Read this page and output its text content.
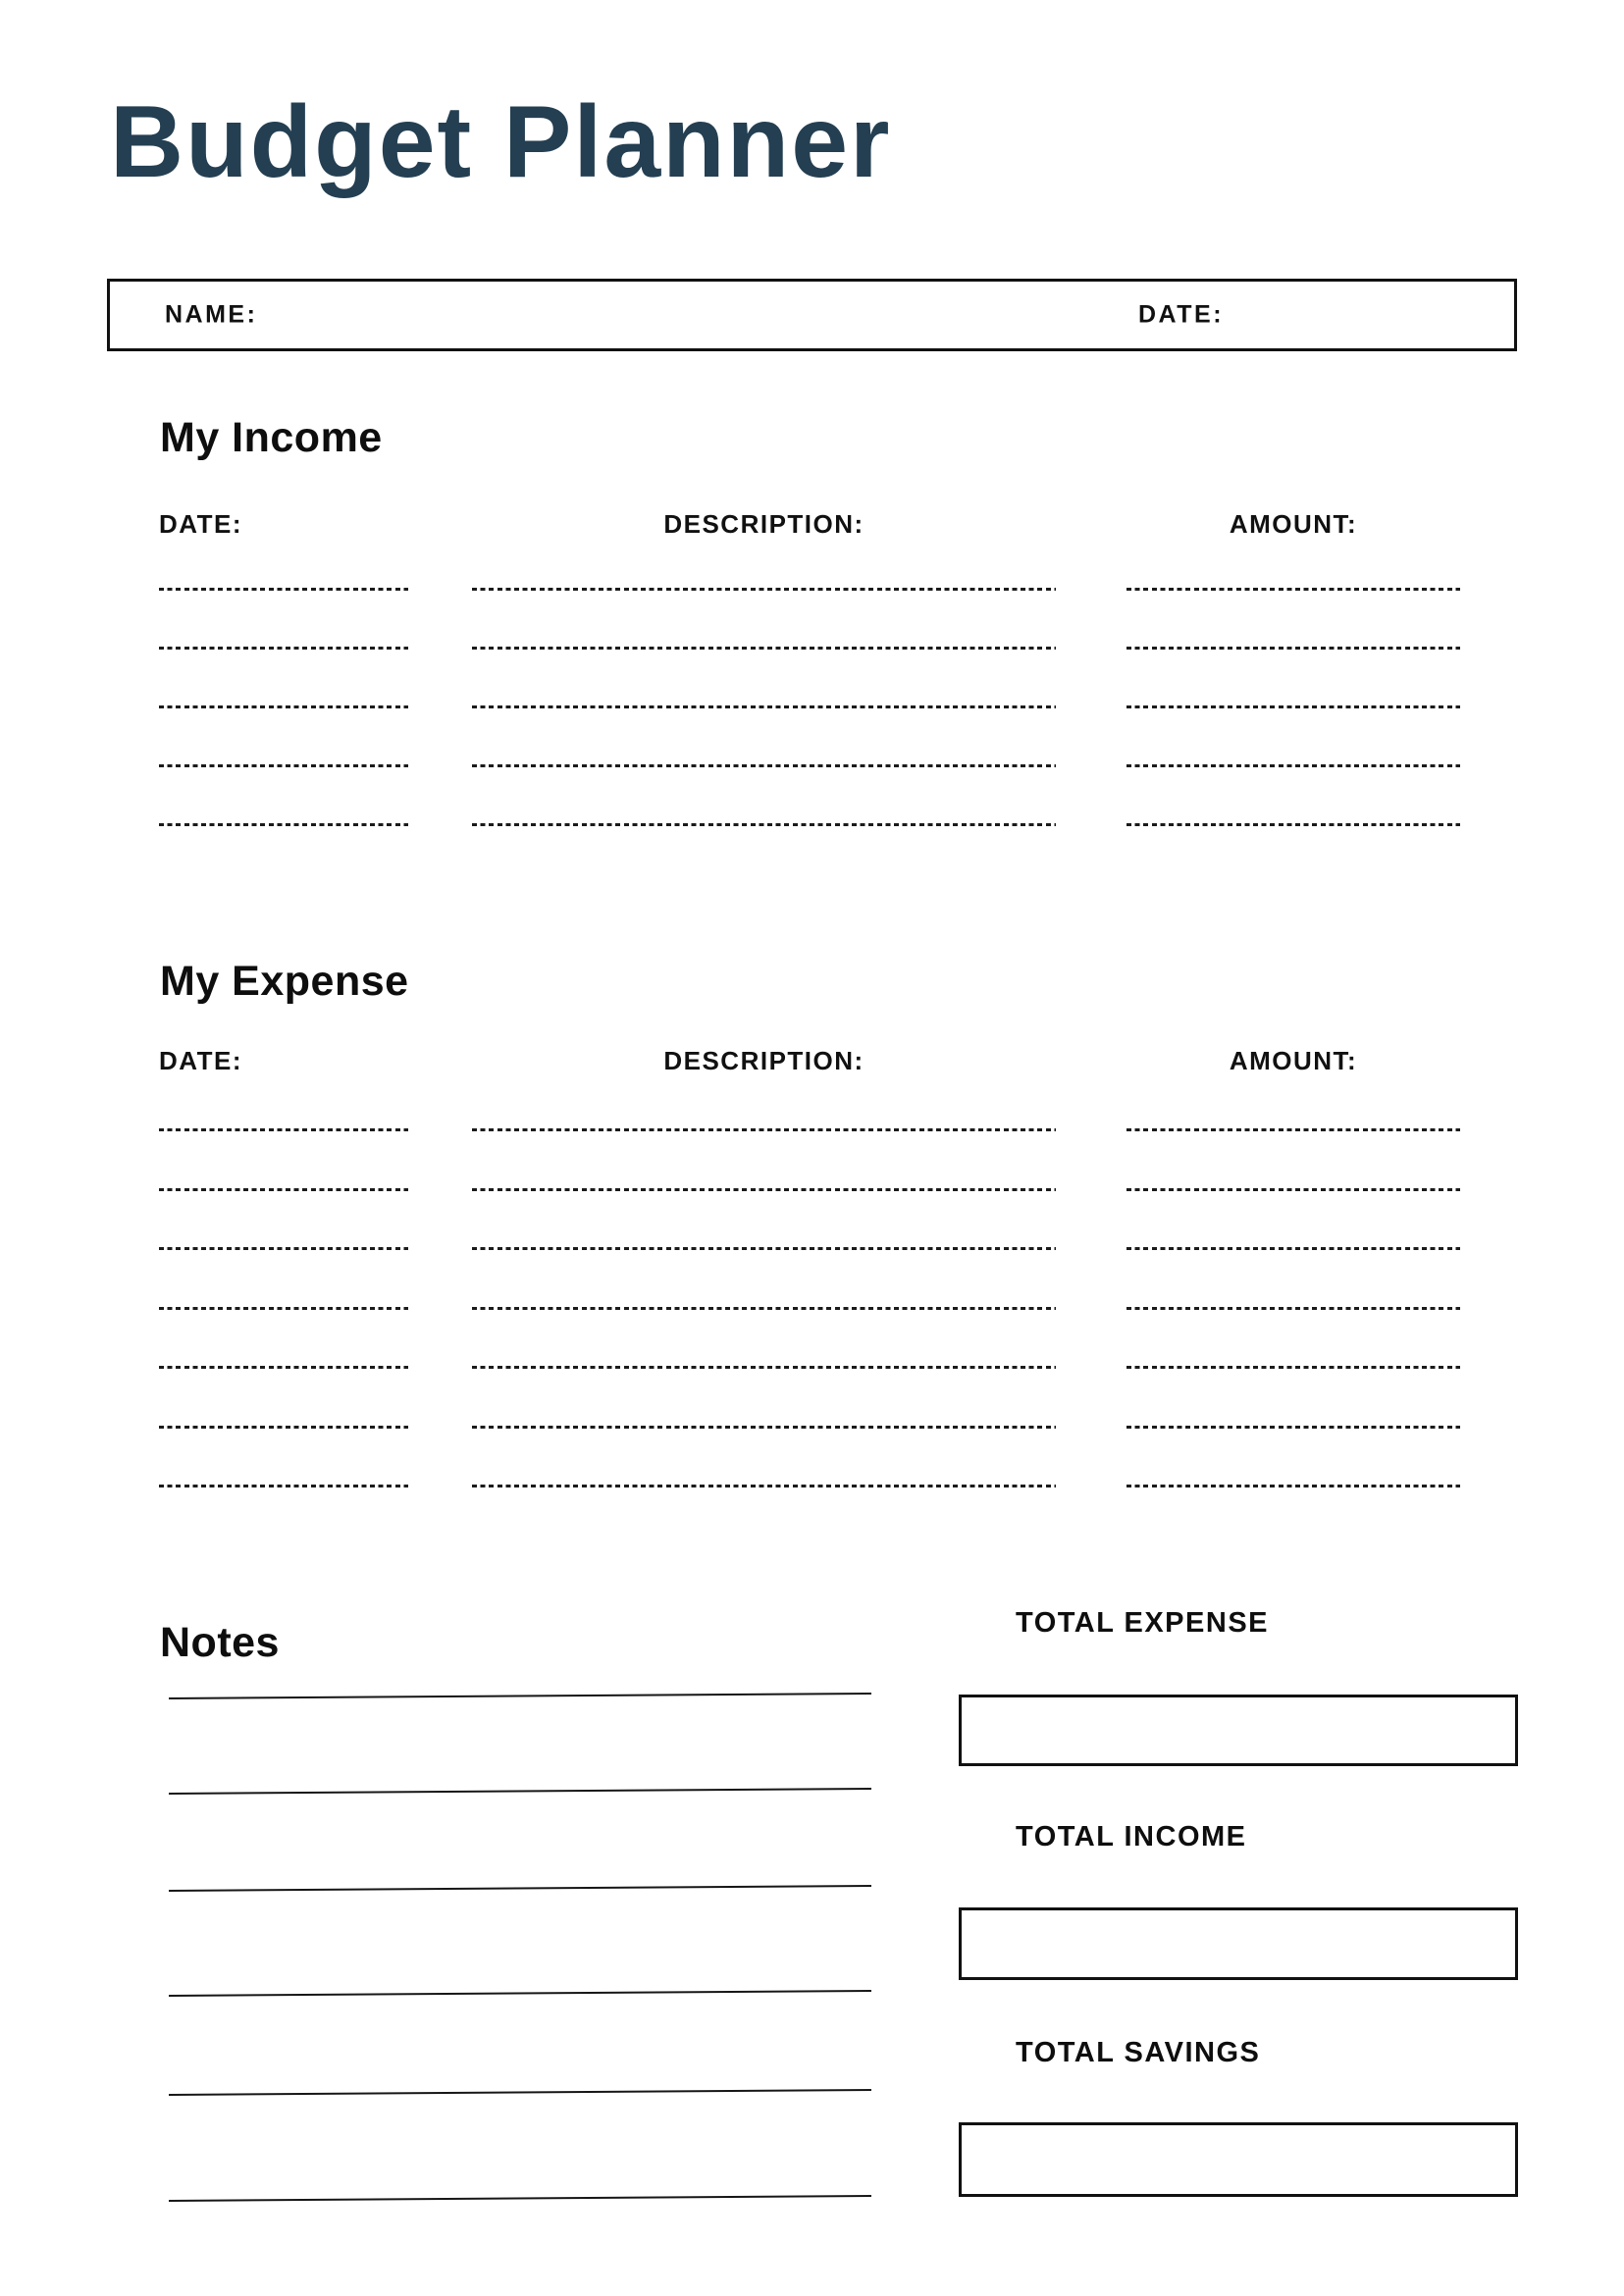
Budget Planner
NAME:	DATE:
My Income
DATE:	DESCRIPTION:	AMOUNT:
My Expense
DATE:	DESCRIPTION:	AMOUNT:
Notes	TOTAL EXPENSE
TOTAL INCOME
TOTAL SAVINGS
